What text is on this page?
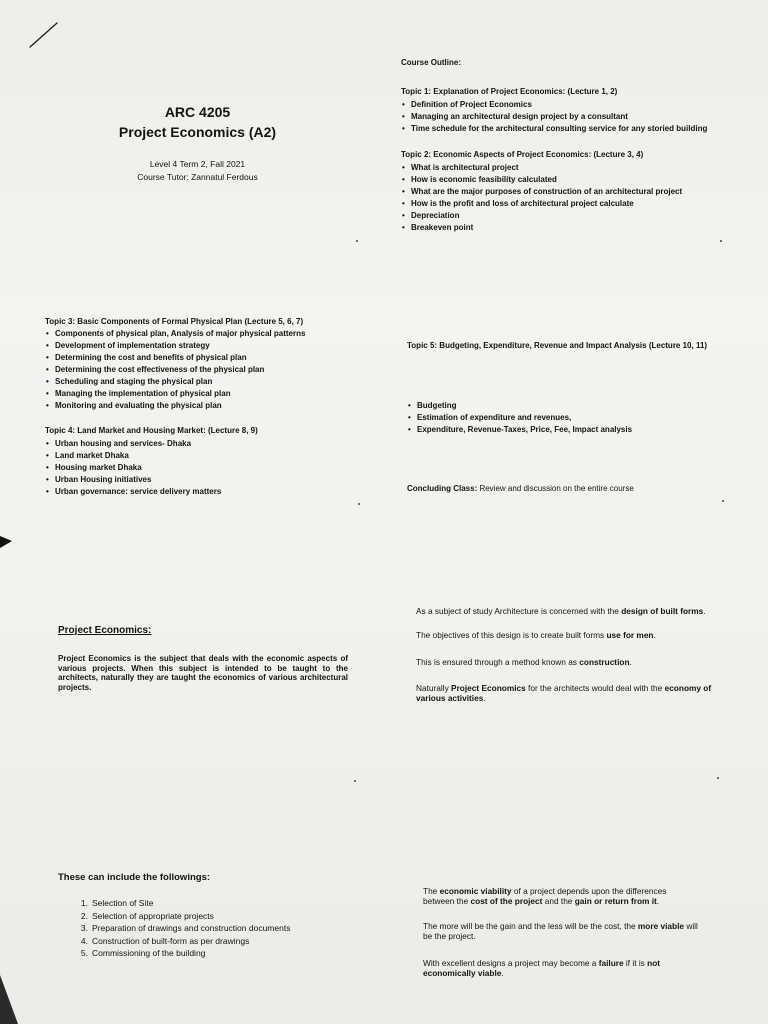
ARC 4205
Project Economics (A2)
Level 4 Term 2, Fall 2021
Course Tutor: Zannatul Ferdous

Course Outline:

Topic 1: Explanation of Project Economics: (Lecture 1, 2)

• Definition of Project Economics
• Managing an architectural design project by a consultant
• Time schedule for the architectural consulting service for any storied building

Topic 2: Economic Aspects of Project Economics: (Lecture 3, 4)

• What is architectural project
• How is economic feasibility calculated
• What are the major purposes of construction of an architectural project
• How is the profit and loss of architectural project calculate
• Depreciation
• Breakeven point

Topic 3: Basic Components of Formal Physical Plan (Lecture 5, 6, 7)

• Components of physical plan, Analysis of major physical patterns
• Development of implementation strategy
• Determining the cost and benefits of physical plan
• Determining the cost effectiveness of the physical plan
• Scheduling and staging the physical plan
• Managing the implementation of physical plan
• Monitoring and evaluating the physical plan

Topic 4: Land Market and Housing Market: (Lecture 8, 9)

• Urban housing and services- Dhaka
• Land market Dhaka
• Housing market Dhaka
• Urban Housing initiatives
• Urban governance: service delivery matters

Topic 5: Budgeting, Expenditure, Revenue and Impact Analysis (Lecture 10, 11)

• Budgeting
• Estimation of expenditure and revenues,
• Expenditure, Revenue-Taxes, Price, Fee, Impact analysis

Concluding Class: Review and discussion on the entire course

Project Economics:

Project Economics is the subject that deals with the economic aspects of various projects. When this subject is intended to be taught to the architects, naturally they are taught the economics of various architectural projects.

As a subject of study Architecture is concerned with the design of built forms.

The objectives of this design is to create built forms use for men.

This is ensured through a method known as construction.

Naturally Project Economics for the architects would deal with the economy of various activities.

These can include the followings:

1. Selection of Site
2. Selection of appropriate projects
3. Preparation of drawings and construction documents
4. Construction of built-form as per drawings
5. Commissioning of the building

The economic viability of a project depends upon the differences between the cost of the project and the gain or return from it.

The more will be the gain and the less will be the cost, the more viable will be the project.

With excellent designs a project may become a failure if it is not economically viable.
